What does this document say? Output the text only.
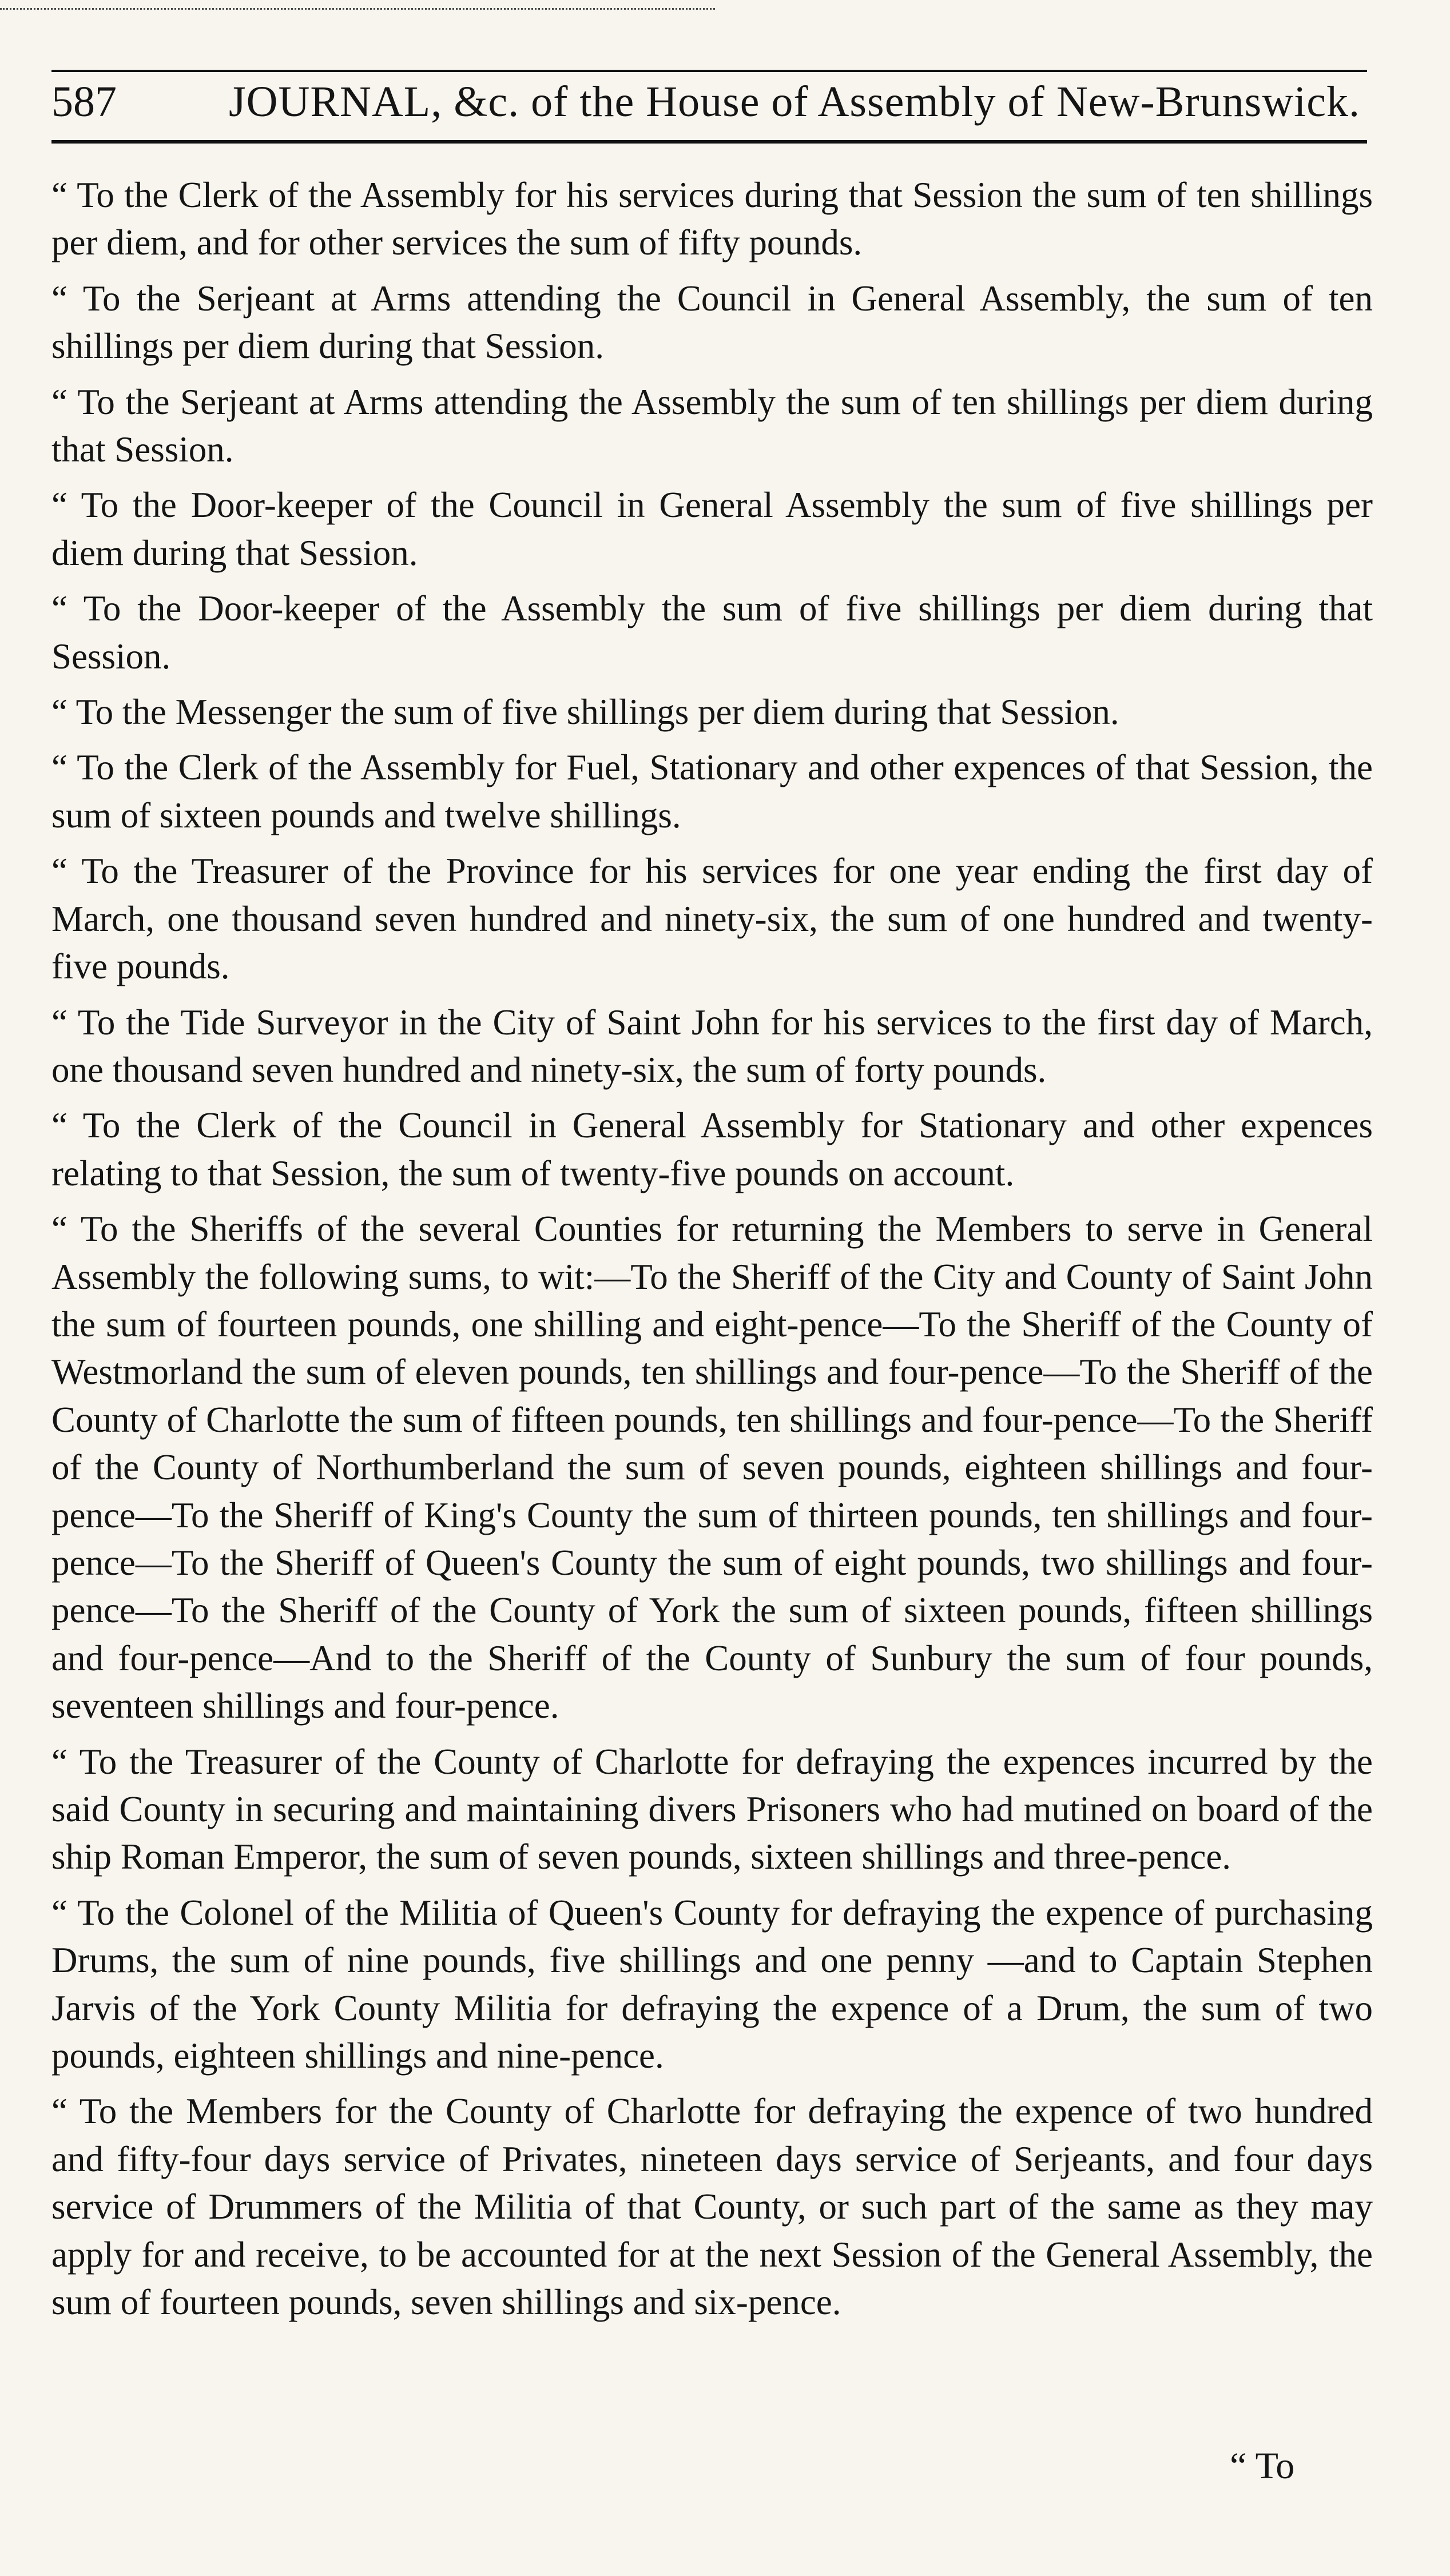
587	JOURNAL, &c. of the House of Assembly of New-Brunswick.

“ To the Clerk of the Assembly for his services during that Session the sum of ten shillings per diem, and for other services the sum of fifty pounds.

“ To the Serjeant at Arms attending the Council in General Assembly, the sum of ten shillings per diem during that Session.

“ To the Serjeant at Arms attending the Assembly the sum of ten shillings per diem during that Session.

“ To the Door-keeper of the Council in General Assembly the sum of five shillings per diem during that Session.

“ To the Door-keeper of the Assembly the sum of five shillings per diem during that Session.

“ To the Messenger the sum of five shillings per diem during that Session.

“ To the Clerk of the Assembly for Fuel, Stationary and other expences of that Session, the sum of sixteen pounds and twelve shillings.

“ To the Treasurer of the Province for his services for one year ending the first day of March, one thousand seven hundred and ninety-six, the sum of one hundred and twenty-five pounds.

“ To the Tide Surveyor in the City of Saint John for his services to the first day of March, one thousand seven hundred and ninety-six, the sum of forty pounds.

“ To the Clerk of the Council in General Assembly for Stationary and other expences relating to that Session, the sum of twenty-five pounds on account.

“ To the Sheriffs of the several Counties for returning the Members to serve in General Assembly the following sums, to wit:—To the Sheriff of the City and County of Saint John the sum of fourteen pounds, one shilling and eight-pence—To the Sheriff of the County of Westmorland the sum of eleven pounds, ten shillings and four-pence—To the Sheriff of the County of Charlotte the sum of fifteen pounds, ten shillings and four-pence—To the Sheriff of the County of Northumberland the sum of seven pounds, eighteen shillings and four-pence—To the Sheriff of King's County the sum of thirteen pounds, ten shillings and four-pence—To the Sheriff of Queen's County the sum of eight pounds, two shillings and four-pence—To the Sheriff of the County of York the sum of sixteen pounds, fifteen shillings and four-pence—And to the Sheriff of the County of Sunbury the sum of four pounds, seventeen shillings and four-pence.

“ To the Treasurer of the County of Charlotte for defraying the expences incurred by the said County in securing and maintaining divers Prisoners who had mutined on board of the ship Roman Emperor, the sum of seven pounds, sixteen shillings and three-pence.

“ To the Colonel of the Militia of Queen's County for defraying the expence of purchasing Drums, the sum of nine pounds, five shillings and one penny —and to Captain Stephen Jarvis of the York County Militia for defraying the expence of a Drum, the sum of two pounds, eighteen shillings and nine-pence.

“ To the Members for the County of Charlotte for defraying the expence of two hundred and fifty-four days service of Privates, nineteen days service of Serjeants, and four days service of Drummers of the Militia of that County, or such part of the same as they may apply for and receive, to be accounted for at the next Session of the General Assembly, the sum of fourteen pounds, seven shillings and six-pence.

“ To
